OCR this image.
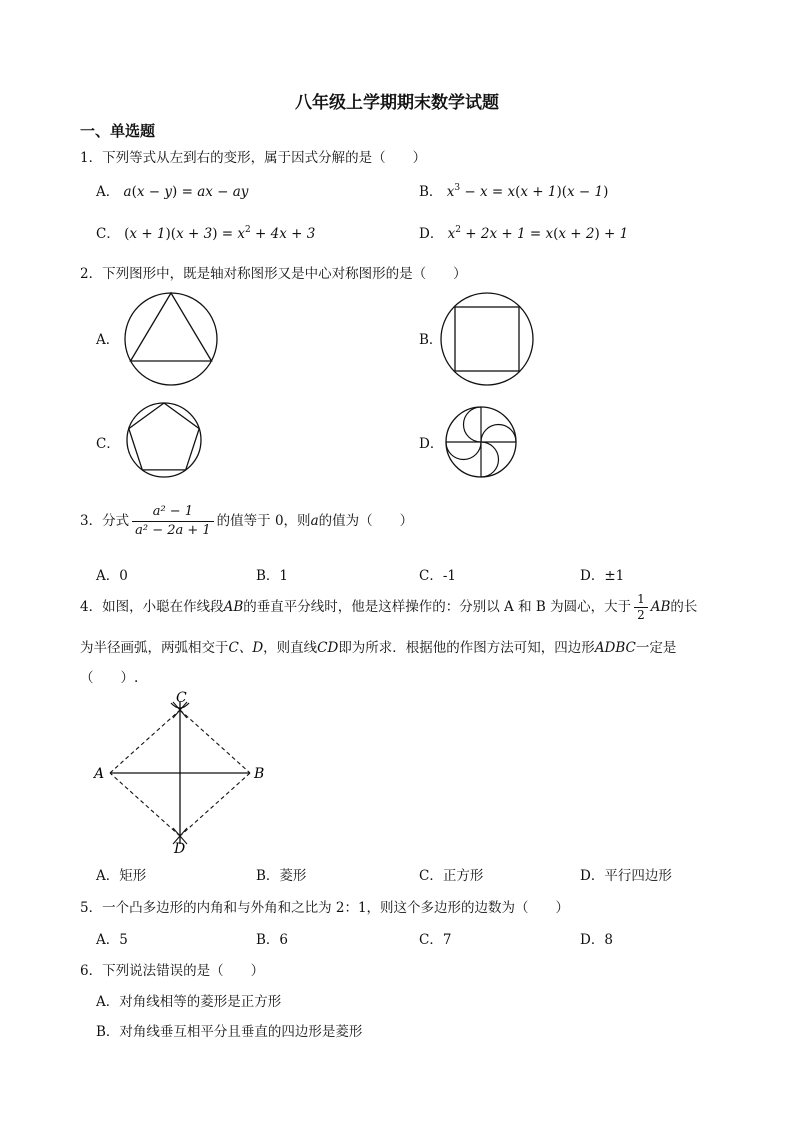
八年级上学期期末数学试题
一、单选题
1．下列等式从左到右的变形，属于因式分解的是（　　）
A． a(x − y) = ax − ay	B． $x^3 - x = x(x + 1)(x - 1)$
C． $(x + 1)(x + 3) = x^2 + 4x + 3$	D． $x^2 + 2x + 1 = x(x + 2) + 1$
2．下列图形中，既是轴对称图形又是中心对称图形的是（　　）
A．	B．
C．	D．
3．分式 $\frac{\text{a² − 1}}{\text{a² − 2a + 1}}$ 的值等于 0，则a的值为（　　）
A．0	B．1	C．-1	D．±1
4．如图，小聪在作线段AB的垂直平分线时，他是这样操作的：分别以 A 和 B 为圆心，大于 $\frac{1}{2}$ AB的长
为半径画弧，两弧相交于C、D，则直线CD即为所求．根据他的作图方法可知，四边形ADBC一定是
（　　）.
C
A	B
D
A．矩形	B．菱形	C．正方形	D．平行四边形
5．一个凸多边形的内角和与外角和之比为 2：1，则这个多边形的边数为（　　）
A．5	B．6	C．7	D．8
6．下列说法错误的是（　　）
A．对角线相等的菱形是正方形
B．对角线垂互相平分且垂直的四边形是菱形
